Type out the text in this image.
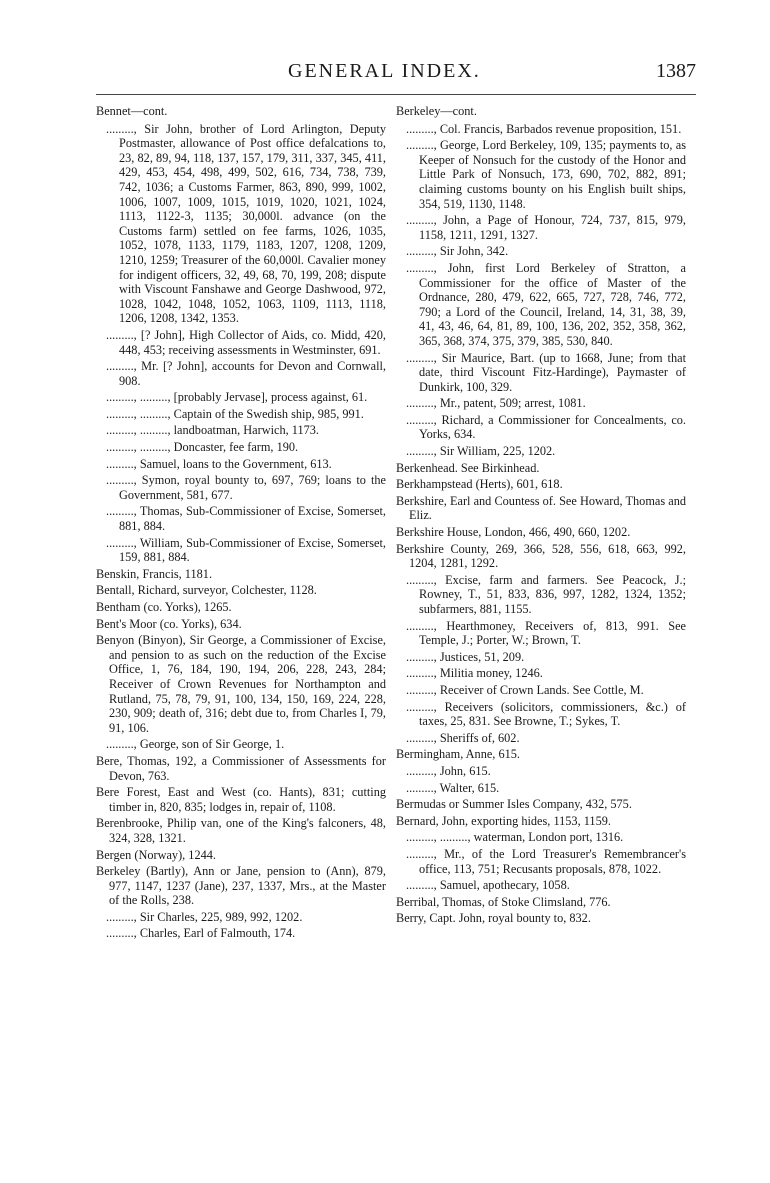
GENERAL INDEX.	1387
Bennet—cont.

........., Sir John, brother of Lord Arlington, Deputy Postmaster, allowance of Post office defalcations to, 23, 82, 89, 94, 118, 137, 157, 179, 311, 337, 345, 411, 429, 453, 454, 498, 499, 502, 616, 734, 738, 739, 742, 1036; a Customs Farmer, 863, 890, 999, 1002, 1006, 1007, 1009, 1015, 1019, 1020, 1021, 1024, 1113, 1122-3, 1135; 30,000l. advance (on the Customs farm) settled on fee farms, 1026, 1035, 1052, 1078, 1133, 1179, 1183, 1207, 1208, 1209, 1210, 1259; Treasurer of the 60,000l. Cavalier money for indigent officers, 32, 49, 68, 70, 199, 208; dispute with Viscount Fanshawe and George Dashwood, 972, 1028, 1042, 1048, 1052, 1063, 1109, 1113, 1118, 1206, 1208, 1342, 1353.

........., [? John], High Collector of Aids, co. Midd, 420, 448, 453; receiving assessments in Westminster, 691.

........., Mr. [? John], accounts for Devon and Cornwall, 908.

........., ........., [probably Jervase], process against, 61.

........., ........., Captain of the Swedish ship, 985, 991.

........., ........., landboatman, Harwich, 1173.

........., ........., Doncaster, fee farm, 190.

........., Samuel, loans to the Government, 613.

........., Symon, royal bounty to, 697, 769; loans to the Government, 581, 677.

........., Thomas, Sub-Commissioner of Excise, Somerset, 881, 884.

........., William, Sub-Commissioner of Excise, Somerset, 159, 881, 884.

Benskin, Francis, 1181.

Bentall, Richard, surveyor, Colchester, 1128.

Bentham (co. Yorks), 1265.

Bent's Moor (co. Yorks), 634.

Benyon (Binyon), Sir George, a Commissioner of Excise, and pension to as such on the reduction of the Excise Office, 1, 76, 184, 190, 194, 206, 228, 243, 284; Receiver of Crown Revenues for Northampton and Rutland, 75, 78, 79, 91, 100, 134, 150, 169, 224, 228, 230, 909; death of, 316; debt due to, from Charles I, 79, 91, 106.

........., George, son of Sir George, 1.

Bere, Thomas, 192, a Commissioner of Assessments for Devon, 763.

Bere Forest, East and West (co. Hants), 831; cutting timber in, 820, 835; lodges in, repair of, 1108.

Berenbrooke, Philip van, one of the King's falconers, 48, 324, 328, 1321.

Bergen (Norway), 1244.

Berkeley (Bartly), Ann or Jane, pension to (Ann), 879, 977, 1147, 1237 (Jane), 237, 1337, Mrs., at the Master of the Rolls, 238.

........., Sir Charles, 225, 989, 992, 1202.

........., Charles, Earl of Falmouth, 174.

Berkeley—cont.

........., Col. Francis, Barbados revenue proposition, 151.

........., George, Lord Berkeley, 109, 135; payments to, as Keeper of Nonsuch for the custody of the Honor and Little Park of Nonsuch, 173, 690, 702, 882, 891; claiming customs bounty on his English built ships, 354, 519, 1130, 1148.

........., John, a Page of Honour, 724, 737, 815, 979, 1158, 1211, 1291, 1327.

........., Sir John, 342.

........., John, first Lord Berkeley of Stratton, a Commissioner for the office of Master of the Ordnance, 280, 479, 622, 665, 727, 728, 746, 772, 790; a Lord of the Council, Ireland, 14, 31, 38, 39, 41, 43, 46, 64, 81, 89, 100, 136, 202, 352, 358, 362, 365, 368, 374, 375, 379, 385, 530, 840.

........., Sir Maurice, Bart. (up to 1668, June; from that date, third Viscount Fitz-Hardinge), Paymaster of Dunkirk, 100, 329.

........., Mr., patent, 509; arrest, 1081.

........., Richard, a Commissioner for Concealments, co. Yorks, 634.

........., Sir William, 225, 1202.

Berkenhead. See Birkinhead.

Berkhampstead (Herts), 601, 618.

Berkshire, Earl and Countess of. See Howard, Thomas and Eliz.

Berkshire House, London, 466, 490, 660, 1202.

Berkshire County, 269, 366, 528, 556, 618, 663, 992, 1204, 1281, 1292.

........., Excise, farm and farmers. See Peacock, J.; Rowney, T., 51, 833, 836, 997, 1282, 1324, 1352; subfarmers, 881, 1155.

........., Hearthmoney, Receivers of, 813, 991. See Temple, J.; Porter, W.; Brown, T.

........., Justices, 51, 209.

........., Militia money, 1246.

........., Receiver of Crown Lands. See Cottle, M.

........., Receivers (solicitors, commissioners, &c.) of taxes, 25, 831. See Browne, T.; Sykes, T.

........., Sheriffs of, 602.

Bermingham, Anne, 615.

........., John, 615.

........., Walter, 615.

Bermudas or Summer Isles Company, 432, 575.

Bernard, John, exporting hides, 1153, 1159.

........., ........., waterman, London port, 1316.

........., Mr., of the Lord Treasurer's Remembrancer's office, 113, 751; Recusants proposals, 878, 1022.

........., Samuel, apothecary, 1058.

Berribal, Thomas, of Stoke Climsland, 776.

Berry, Capt. John, royal bounty to, 832.
